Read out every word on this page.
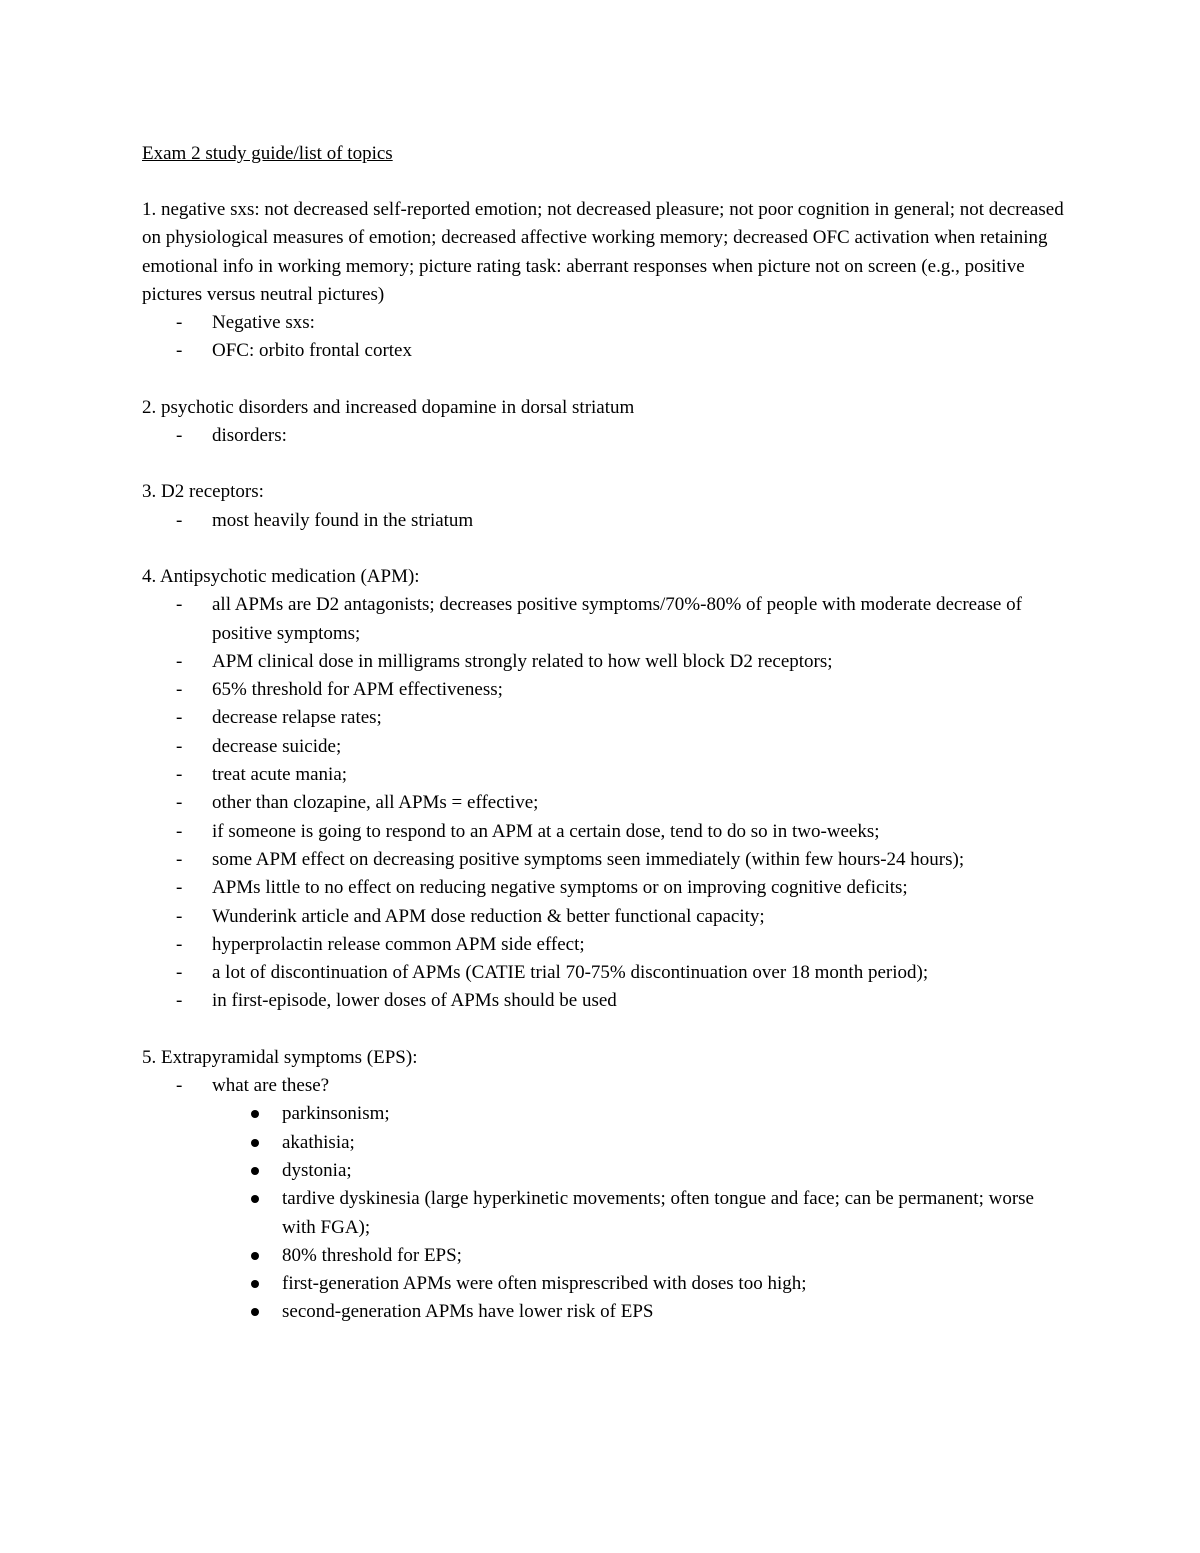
Exam 2 study guide/list of topics

1. negative sxs: not decreased self-reported emotion; not decreased pleasure; not poor cognition in general; not decreased on physiological measures of emotion; decreased affective working memory; decreased OFC activation when retaining emotional info in working memory; picture rating task: aberrant responses when picture not on screen (e.g., positive pictures versus neutral pictures)

- Negative sxs:
- OFC: orbito frontal cortex

2. psychotic disorders and increased dopamine in dorsal striatum

- disorders:

3. D2 receptors:

- most heavily found in the striatum

4. Antipsychotic medication (APM):

- all APMs are D2 antagonists; decreases positive symptoms/70%-80% of people with moderate decrease of positive symptoms;
- APM clinical dose in milligrams strongly related to how well block D2 receptors;
- 65% threshold for APM effectiveness;
- decrease relapse rates;
- decrease suicide;
- treat acute mania;
- other than clozapine, all APMs = effective;
- if someone is going to respond to an APM at a certain dose, tend to do so in two-weeks;
- some APM effect on decreasing positive symptoms seen immediately (within few hours-24 hours);
- APMs little to no effect on reducing negative symptoms or on improving cognitive deficits;
- Wunderink article and APM dose reduction & better functional capacity;
- hyperprolactin release common APM side effect;
- a lot of discontinuation of APMs (CATIE trial 70-75% discontinuation over 18 month period);
- in first-episode, lower doses of APMs should be used

5. Extrapyramidal symptoms (EPS):

- what are these?
parkinsonism;
akathisia;
dystonia;
tardive dyskinesia (large hyperkinetic movements; often tongue and face; can be permanent; worse with FGA);
80% threshold for EPS;
first-generation APMs were often misprescribed with doses too high;
second-generation APMs have lower risk of EPS
